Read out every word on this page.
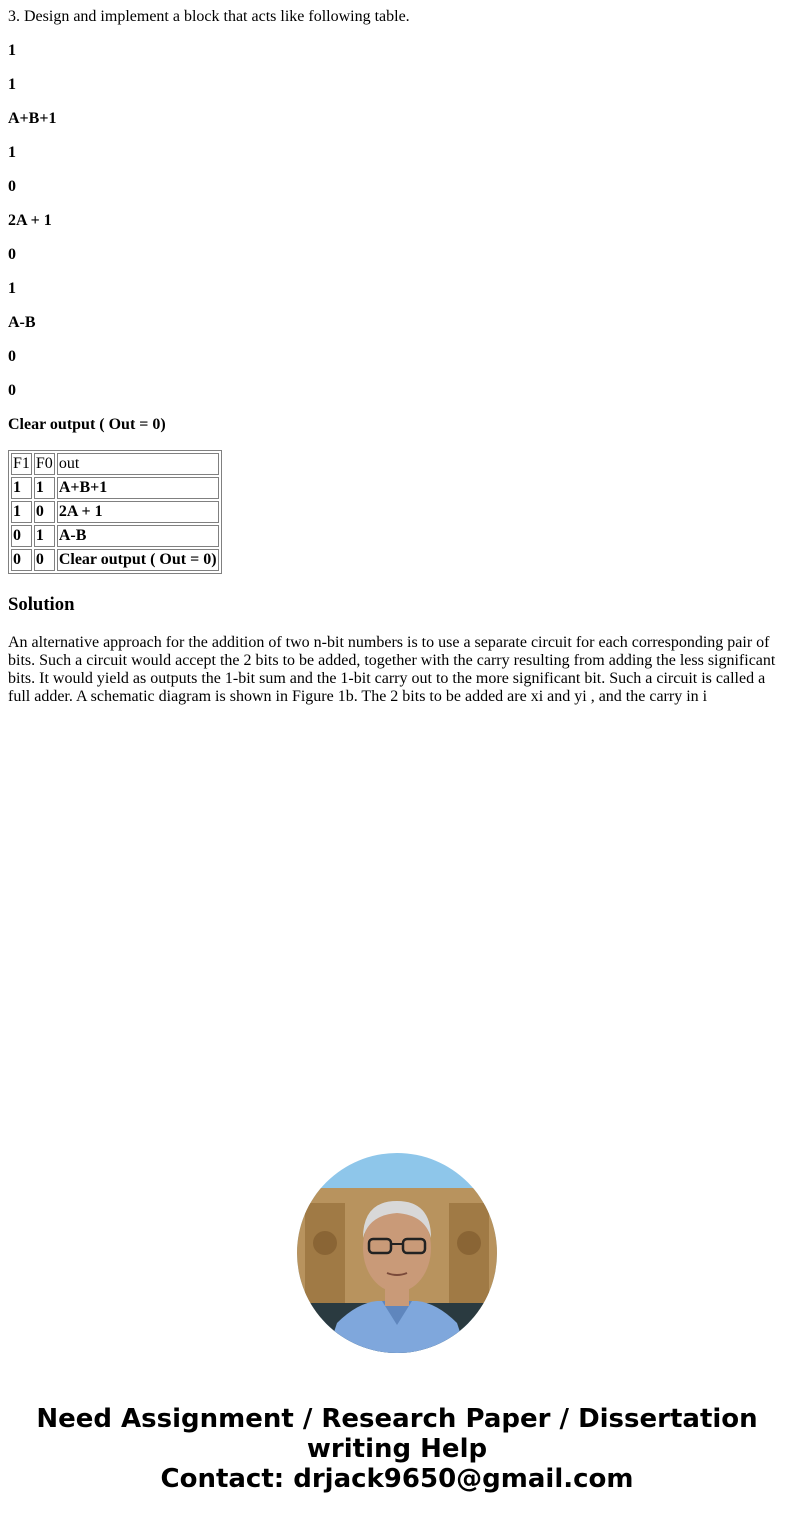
3. Design and implement a block that acts like following table.

1

1

A+B+1

1

0

2A + 1

0

1

A-B

0

0

Clear output ( Out = 0)

F1	F0	out
1	1	A+B+1
1	0	2A + 1
0	1	A-B
0	0	Clear output ( Out = 0)
Solution

An alternative approach for the addition of two n-bit numbers is to use a separate circuit for each corresponding pair of bits. Such a circuit would accept the 2 bits to be added, together with the carry resulting from adding the less significant bits. It would yield as outputs the 1-bit sum and the 1-bit carry out to the more significant bit. Such a circuit is called a full adder. A schematic diagram is shown in Figure 1b. The 2 bits to be added are xi and yi , and the carry in i

Need Assignment / Research Paper / Dissertation
writing Help
Contact: drjack9650@gmail.com
